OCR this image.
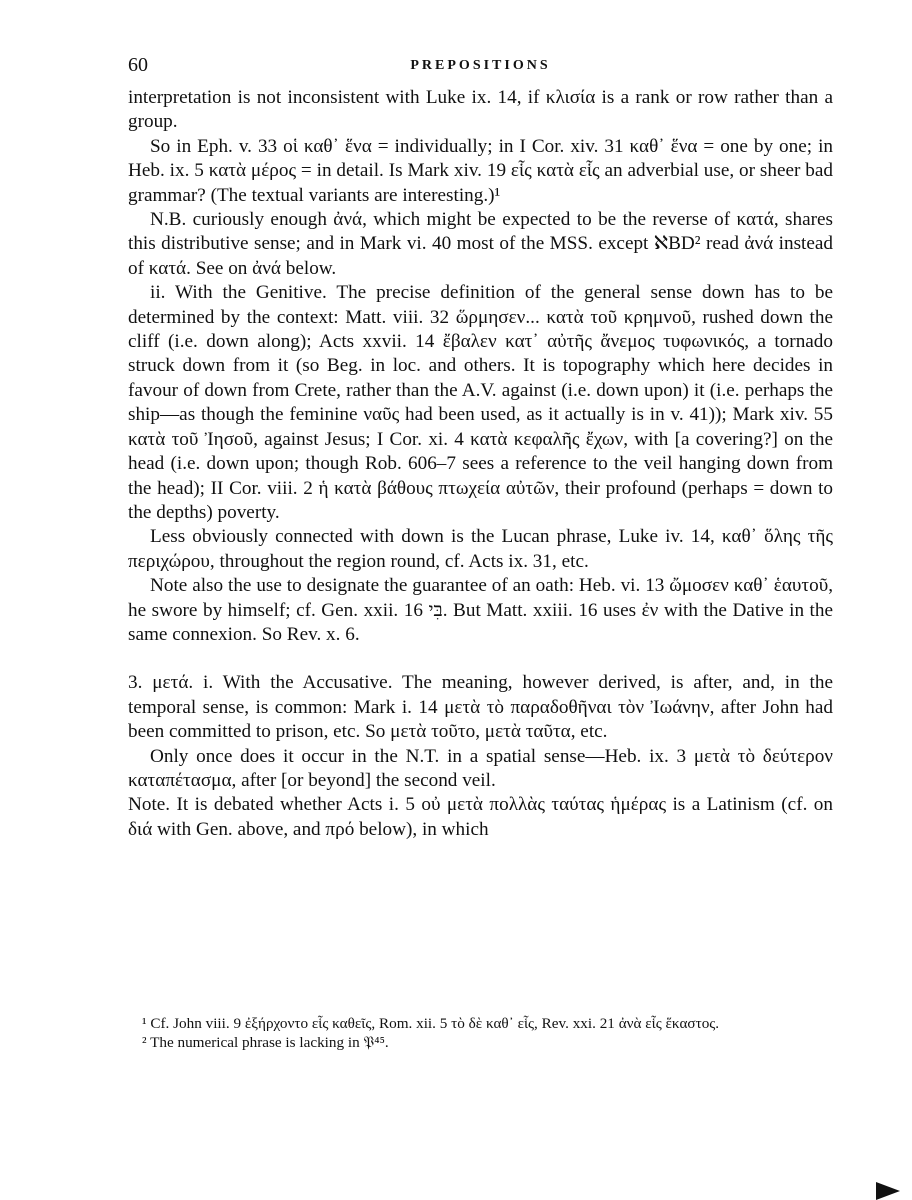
60	PREPOSITIONS

interpretation is not inconsistent with Luke ix. 14, if κλισία is a rank or row rather than a group.

So in Eph. v. 33 οἱ καθ᾽ ἕνα = individually; in I Cor. xiv. 31 καθ᾽ ἕνα = one by one; in Heb. ix. 5 κατὰ μέρος = in detail. Is Mark xiv. 19 εἷς κατὰ εἷς an adverbial use, or sheer bad grammar? (The textual variants are interesting.)¹

N.B. curiously enough ἀνά, which might be expected to be the reverse of κατά, shares this distributive sense; and in Mark vi. 40 most of the MSS. except ℵBD² read ἀνά instead of κατά. See on ἀνά below.

ii. With the Genitive. The precise definition of the general sense down has to be determined by the context: Matt. viii. 32 ὥρμησεν... κατὰ τοῦ κρημνοῦ, rushed down the cliff (i.e. down along); Acts xxvii. 14 ἔβαλεν κατ᾽ αὐτῆς ἄνεμος τυφωνικός, a tornado struck down from it (so Beg. in loc. and others. It is topography which here decides in favour of down from Crete, rather than the A.V. against (i.e. down upon) it (i.e. perhaps the ship—as though the feminine ναῦς had been used, as it actually is in v. 41)); Mark xiv. 55 κατὰ τοῦ Ἰησοῦ, against Jesus; I Cor. xi. 4 κατὰ κεφαλῆς ἔχων, with [a covering?] on the head (i.e. down upon; though Rob. 606–7 sees a reference to the veil hanging down from the head); II Cor. viii. 2 ἡ κατὰ βάθους πτωχεία αὐτῶν, their profound (perhaps = down to the depths) poverty.

Less obviously connected with down is the Lucan phrase, Luke iv. 14, καθ᾽ ὅλης τῆς περιχώρου, throughout the region round, cf. Acts ix. 31, etc.

Note also the use to designate the guarantee of an oath: Heb. vi. 13 ὤμοσεν καθ᾽ ἑαυτοῦ, he swore by himself; cf. Gen. xxii. 16 בִּי. But Matt. xxiii. 16 uses ἐν with the Dative in the same connexion. So Rev. x. 6.

3. μετά. i. With the Accusative. The meaning, however derived, is after, and, in the temporal sense, is common: Mark i. 14 μετὰ τὸ παραδοθῆναι τὸν Ἰωάνην, after John had been committed to prison, etc. So μετὰ τοῦτο, μετὰ ταῦτα, etc.

Only once does it occur in the N.T. in a spatial sense—Heb. ix. 3 μετὰ τὸ δεύτερον καταπέτασμα, after [or beyond] the second veil.

Note. It is debated whether Acts i. 5 οὐ μετὰ πολλὰς ταύτας ἡμέρας is a Latinism (cf. on διά with Gen. above, and πρό below), in which

¹ Cf. John viii. 9 ἐξήρχοντο εἷς καθεῖς, Rom. xii. 5 τὸ δὲ καθ᾽ εἷς, Rev. xxi. 21 ἀνὰ εἷς ἕκαστος.

² The numerical phrase is lacking in 𝔓⁴⁵.
